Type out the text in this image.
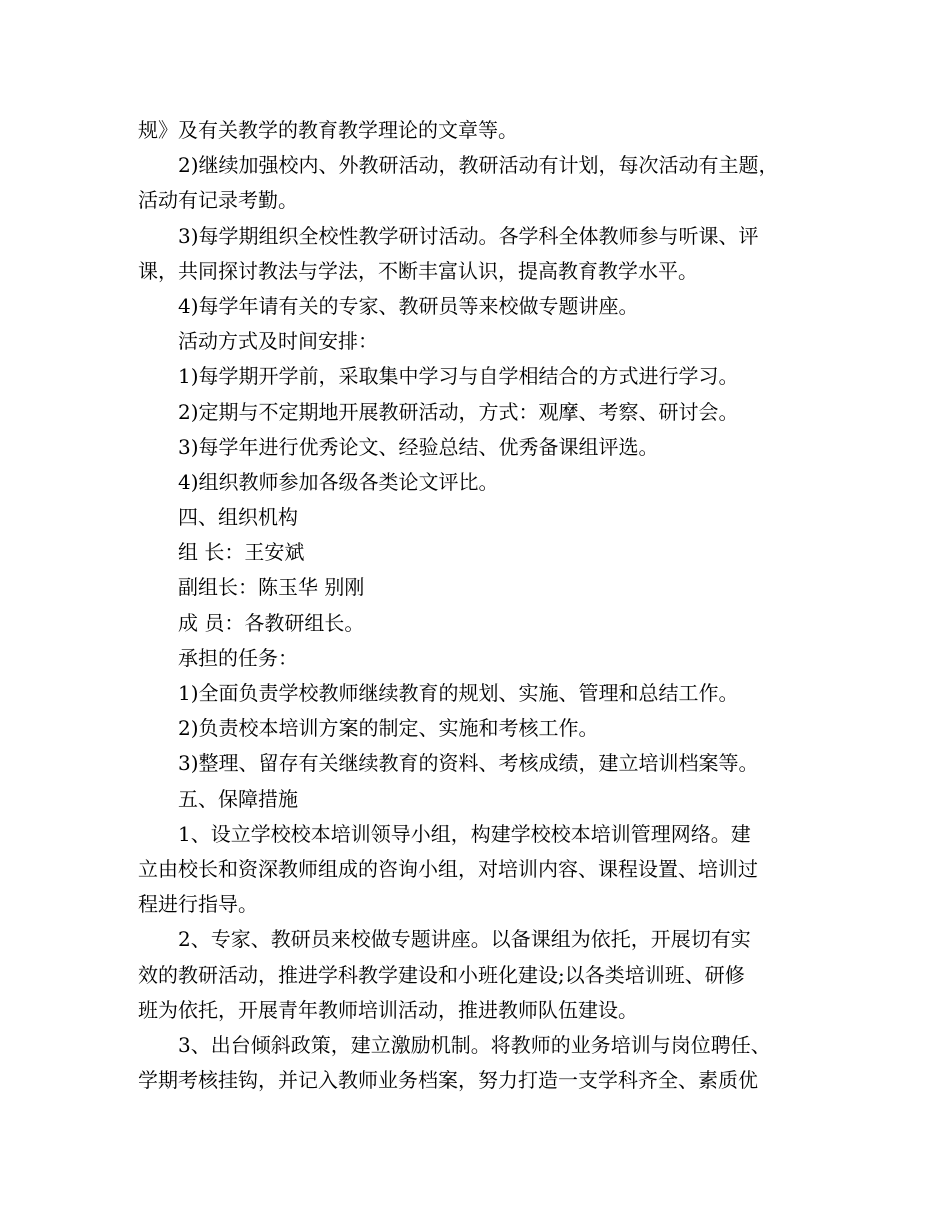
规》及有关教学的教育教学理论的文章等。
2)继续加强校内、外教研活动，教研活动有计划，每次活动有主题，
活动有记录考勤。
3)每学期组织全校性教学研讨活动。各学科全体教师参与听课、评
课，共同探讨教法与学法，不断丰富认识，提高教育教学水平。
4)每学年请有关的专家、教研员等来校做专题讲座。
活动方式及时间安排：
1)每学期开学前，采取集中学习与自学相结合的方式进行学习。
2)定期与不定期地开展教研活动，方式：观摩、考察、研讨会。
3)每学年进行优秀论文、经验总结、优秀备课组评选。
4)组织教师参加各级各类论文评比。
四、组织机构
组 长：王安斌
副组长：陈玉华 别刚
成 员：各教研组长。
承担的任务：
1)全面负责学校教师继续教育的规划、实施、管理和总结工作。
2)负责校本培训方案的制定、实施和考核工作。
3)整理、留存有关继续教育的资料、考核成绩，建立培训档案等。
五、保障措施
1、设立学校校本培训领导小组，构建学校校本培训管理网络。建
立由校长和资深教师组成的咨询小组，对培训内容、课程设置、培训过
程进行指导。
2、专家、教研员来校做专题讲座。以备课组为依托，开展切有实
效的教研活动，推进学科教学建设和小班化建设;以各类培训班、研修
班为依托，开展青年教师培训活动，推进教师队伍建设。
3、出台倾斜政策，建立激励机制。将教师的业务培训与岗位聘任、
学期考核挂钩，并记入教师业务档案，努力打造一支学科齐全、素质优
